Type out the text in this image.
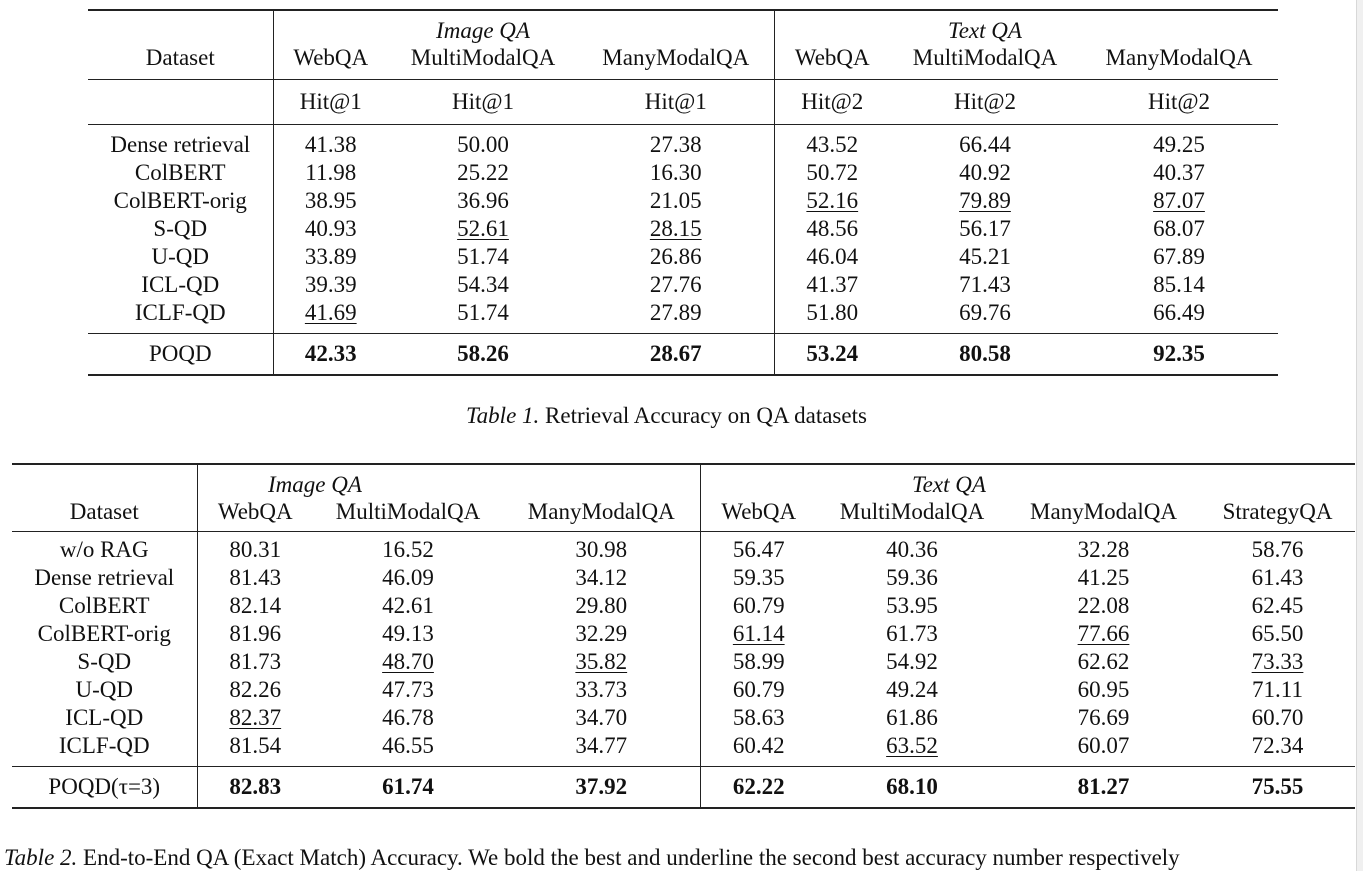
		Image QA			Text QA	
Dataset	WebQA	MultiModalQA	ManyModalQA	WebQA	MultiModalQA	ManyModalQA
	Hit@1	Hit@1	Hit@1	Hit@2	Hit@2	Hit@2
Dense retrieval	41.38	50.00	27.38	43.52	66.44	49.25
ColBERT	11.98	25.22	16.30	50.72	40.92	40.37
ColBERT-orig	38.95	36.96	21.05	52.16	79.89	87.07
S-QD	40.93	52.61	28.15	48.56	56.17	68.07
U-QD	33.89	51.74	26.86	46.04	45.21	67.89
ICL-QD	39.39	54.34	27.76	41.37	71.43	85.14
ICLF-QD	41.69	51.74	27.89	51.80	69.76	66.49
POQD	42.33	58.26	28.67	53.24	80.58	92.35
Table 1. Retrieval Accuracy on QA datasets
		Image QA			Text QA		
Dataset	WebQA	MultiModalQA	ManyModalQA	WebQA	MultiModalQA	ManyModalQA	StrategyQA
w/o RAG	80.31	16.52	30.98	56.47	40.36	32.28	58.76
Dense retrieval	81.43	46.09	34.12	59.35	59.36	41.25	61.43
ColBERT	82.14	42.61	29.80	60.79	53.95	22.08	62.45
ColBERT-orig	81.96	49.13	32.29	61.14	61.73	77.66	65.50
S-QD	81.73	48.70	35.82	58.99	54.92	62.62	73.33
U-QD	82.26	47.73	33.73	60.79	49.24	60.95	71.11
ICL-QD	82.37	46.78	34.70	58.63	61.86	76.69	60.70
ICLF-QD	81.54	46.55	34.77	60.42	63.52	60.07	72.34
POQD(τ=3)	82.83	61.74	37.92	62.22	68.10	81.27	75.55
Table 2. End-to-End QA (Exact Match) Accuracy. We bold the best and underline the second best accuracy number respectively
